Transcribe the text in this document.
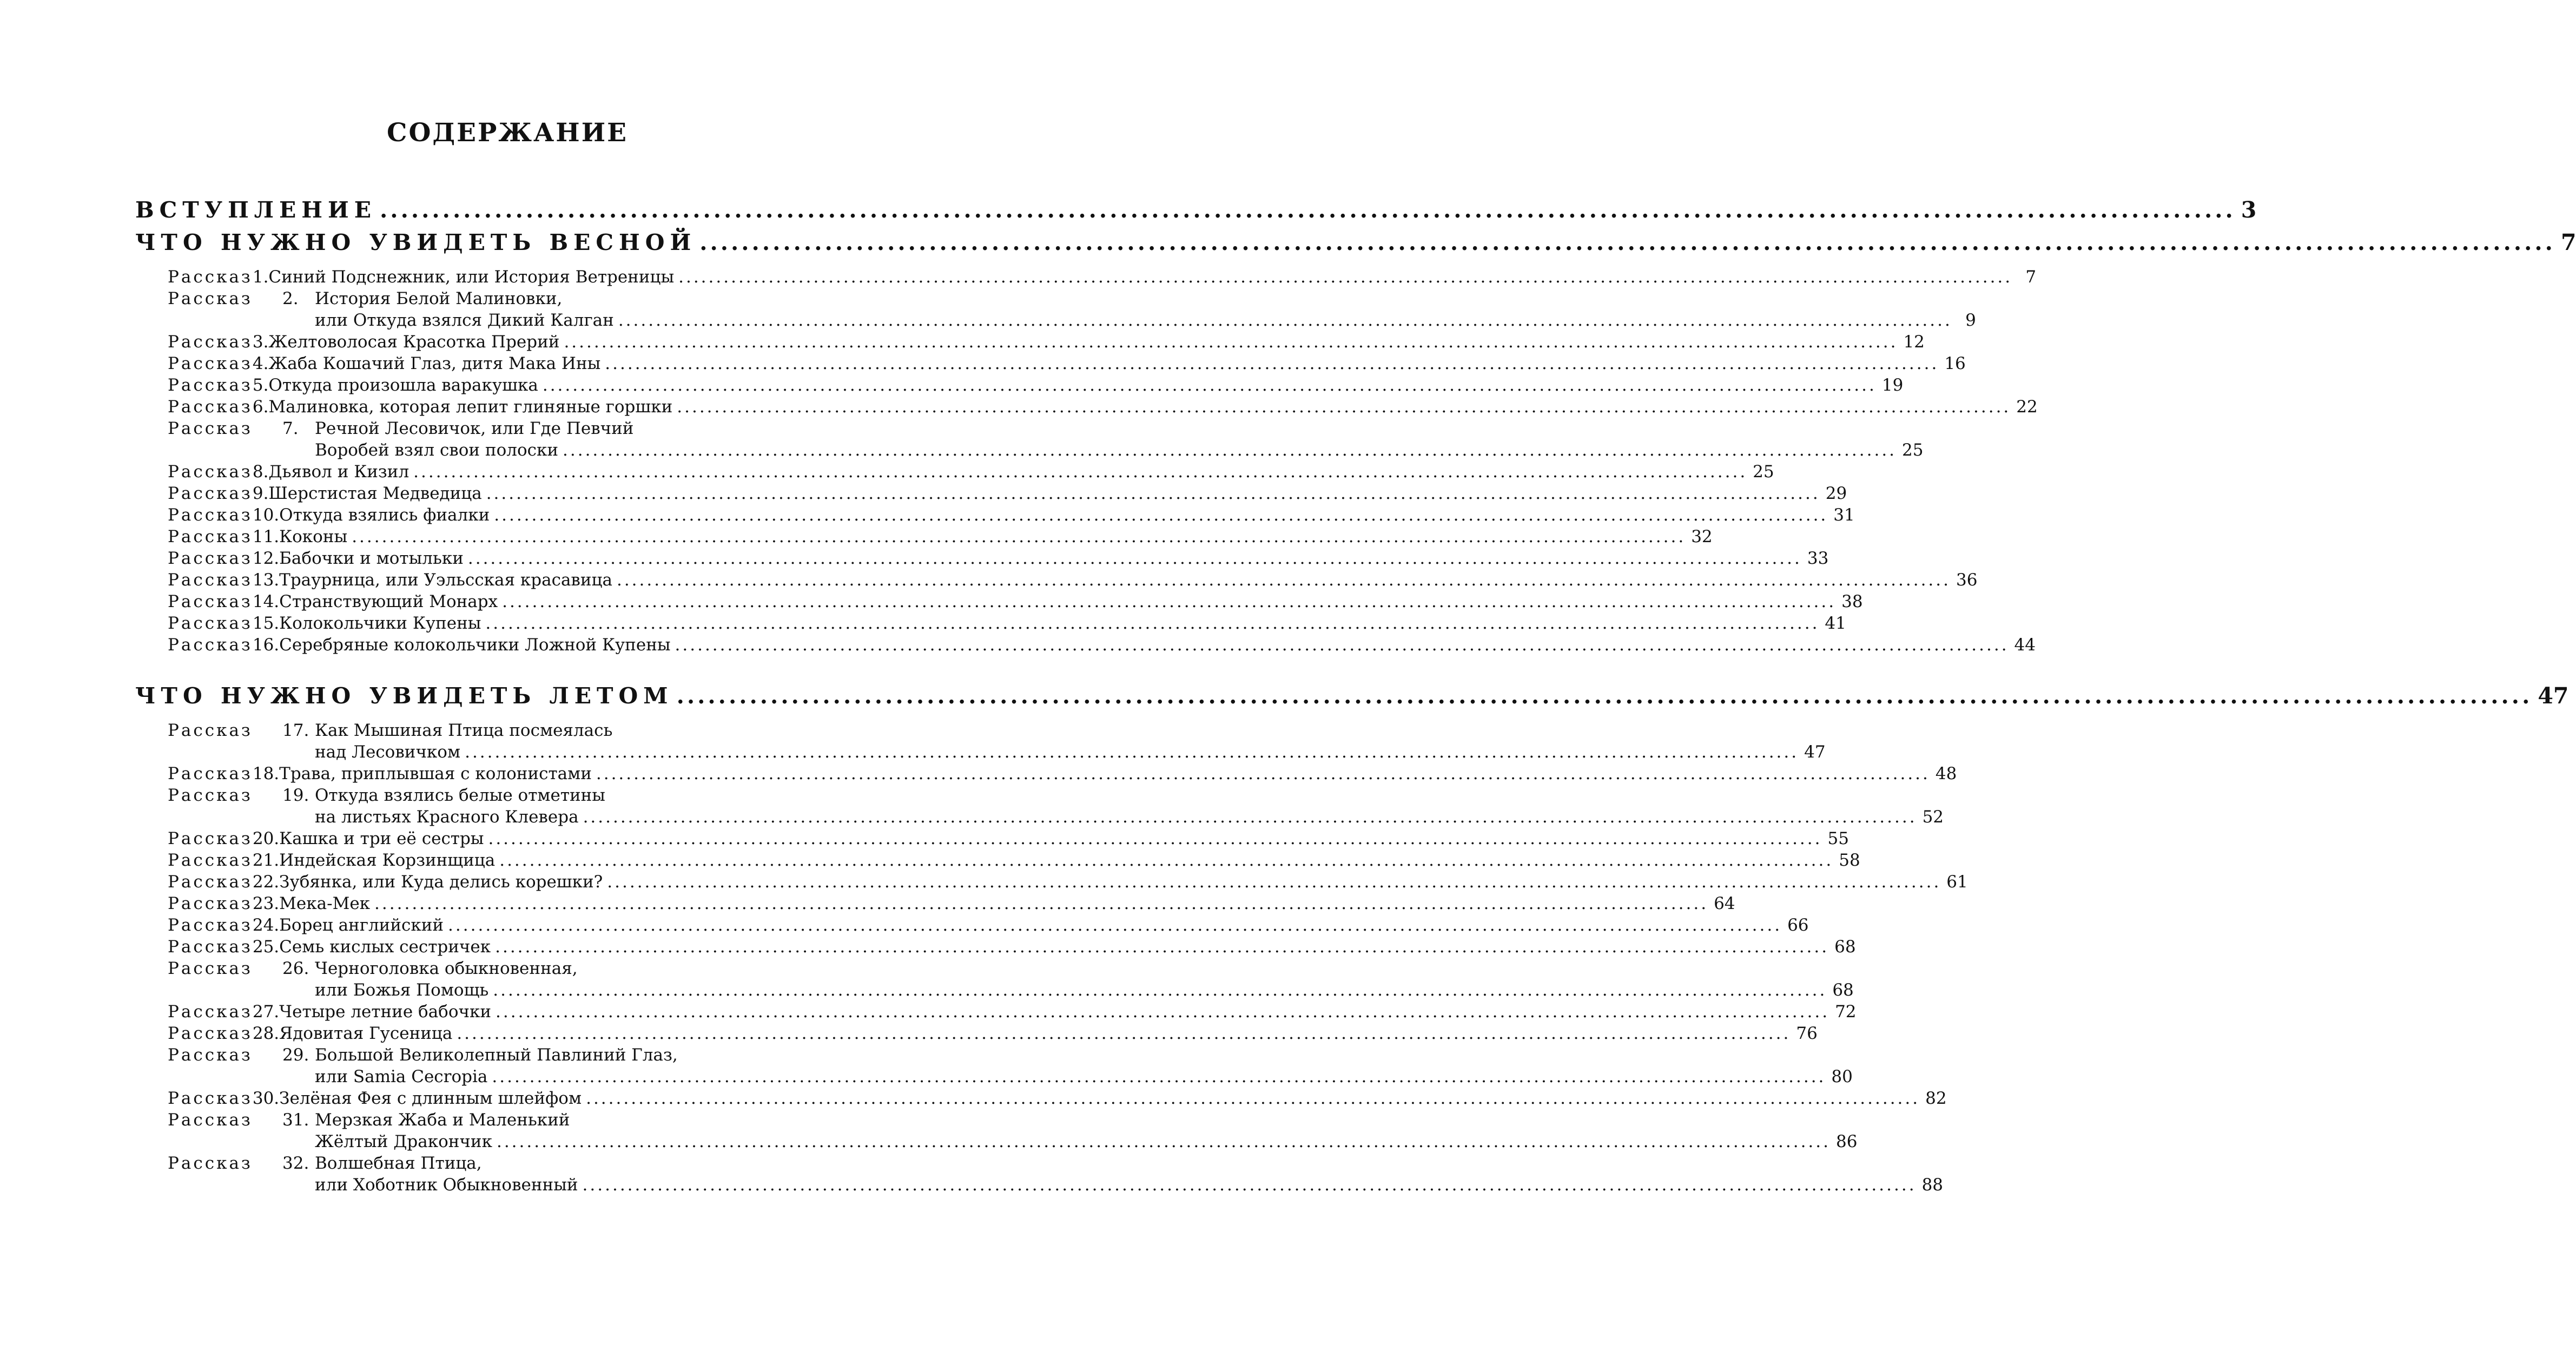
СОДЕРЖАНИЕ
ВСТУПЛЕНИЕ .................................................................................................................................................................................. 3
ЧТО НУЖНО УВИДЕТЬ ВЕСНОЙ .................................................................................................................................................................................. 7
Рассказ 1. Синий Подснежник, или История Ветреницы .................................................................................................................................................................................. 7
Рассказ	2. История Белой Малиновки,
или Откуда взялся Дикий Калган .................................................................................................................................................................................. 9
Рассказ 3. Желтоволосая Красотка Прерий .................................................................................................................................................................................. 12
Рассказ 4. Жаба Кошачий Глаз, дитя Мака Ины .................................................................................................................................................................................. 16
Рассказ 5. Откуда произошла варакушка .................................................................................................................................................................................. 19
Рассказ 6. Малиновка, которая лепит глиняные горшки .................................................................................................................................................................................. 22
Рассказ	7. Речной Лесовичок, или Где Певчий
Воробей взял свои полоски .................................................................................................................................................................................. 25
Рассказ 8. Дьявол и Кизил .................................................................................................................................................................................. 25
Рассказ 9. Шерстистая Медведица .................................................................................................................................................................................. 29
Рассказ 10. Откуда взялись фиалки .................................................................................................................................................................................. 31
Рассказ 11. Коконы .................................................................................................................................................................................. 32
Рассказ 12. Бабочки и мотыльки .................................................................................................................................................................................. 33
Рассказ 13. Траурница, или Уэльсская красавица .................................................................................................................................................................................. 36
Рассказ 14. Странствующий Монарх .................................................................................................................................................................................. 38
Рассказ 15. Колокольчики Купены .................................................................................................................................................................................. 41
Рассказ 16. Серебряные колокольчики Ложной Купены .................................................................................................................................................................................. 44
ЧТО НУЖНО УВИДЕТЬ ЛЕТОМ .................................................................................................................................................................................. 47
Рассказ	17. Как Мышиная Птица посмеялась
над Лесовичком .................................................................................................................................................................................. 47
Рассказ 18. Трава, приплывшая с колонистами .................................................................................................................................................................................. 48
Рассказ	19. Откуда взялись белые отметины
на листьях Красного Клевера .................................................................................................................................................................................. 52
Рассказ 20. Кашка и три её сестры .................................................................................................................................................................................. 55
Рассказ 21. Индейская Корзинщица .................................................................................................................................................................................. 58
Рассказ 22. Зубянка, или Куда делись корешки? .................................................................................................................................................................................. 61
Рассказ 23. Мека-Мек .................................................................................................................................................................................. 64
Рассказ 24. Борец английский .................................................................................................................................................................................. 66
Рассказ 25. Семь кислых сестричек .................................................................................................................................................................................. 68
Рассказ	26. Черноголовка обыкновенная,
или Божья Помощь .................................................................................................................................................................................. 68
Рассказ 27. Четыре летние бабочки .................................................................................................................................................................................. 72
Рассказ 28. Ядовитая Гусеница .................................................................................................................................................................................. 76
Рассказ	29. Большой Великолепный Павлиний Глаз,
или Samia Cecropia .................................................................................................................................................................................. 80
Рассказ 30. Зелёная Фея с длинным шлейфом .................................................................................................................................................................................. 82
Рассказ	31. Мерзкая Жаба и Маленький
Жёлтый Дракончик .................................................................................................................................................................................. 86
Рассказ	32. Волшебная Птица,
или Хоботник Обыкновенный .................................................................................................................................................................................. 88
